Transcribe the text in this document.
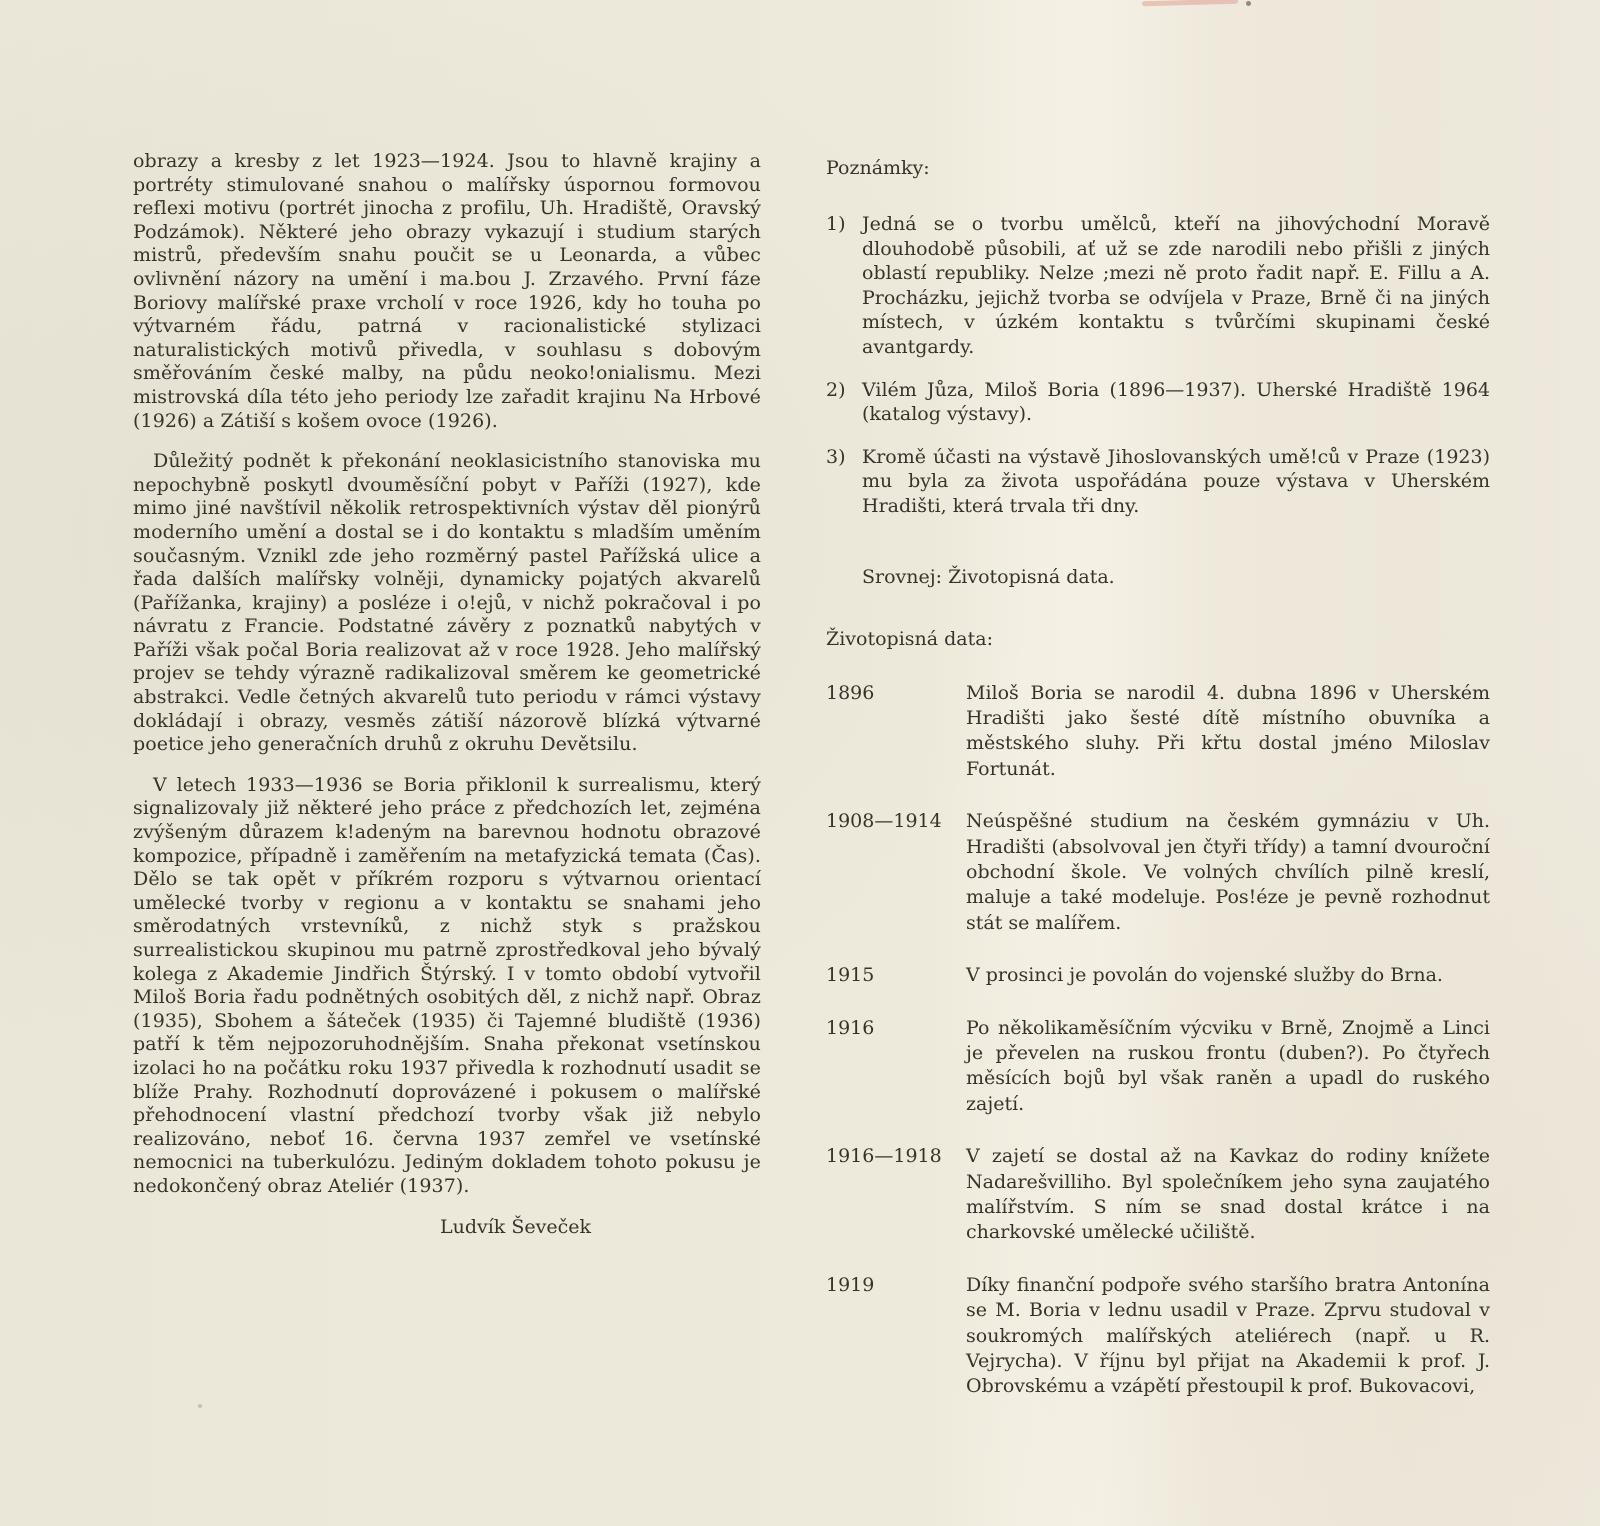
obrazy a kresby z let 1923—1924. Jsou to hlavně krajiny a portréty stimulované snahou o malířsky úspornou formovou reflexi motivu (portrét jinocha z profilu, Uh. Hradiště, Oravský Podzámok). Některé jeho obrazy vykazují i studium starých mistrů, především snahu poučit se u Leonarda, a vůbec ovlivnění názory na umění i ma.bou J. Zrzavého. První fáze Boriovy malířské praxe vrcholí v roce 1926, kdy ho touha po výtvarném řádu, patrná v racionalistické stylizaci naturalistických motivů přivedla, v souhlasu s dobovým směřováním české malby, na půdu neoko!onialismu. Mezi mistrovská díla této jeho periody lze zařadit krajinu Na Hrbové (1926) a Zátiší s košem ovoce (1926).

Důležitý podnět k překonání neoklasicistního stanoviska mu nepochybně poskytl dvouměsíční pobyt v Paříži (1927), kde mimo jiné navštívil několik retrospektivních výstav děl pionýrů moderního umění a dostal se i do kontaktu s mladším uměním současným. Vznikl zde jeho rozměrný pastel Pařížská ulice a řada dalších malířsky volněji, dynamicky pojatých akvarelů (Pařížanka, krajiny) a posléze i o!ejů, v nichž pokračoval i po návratu z Francie. Podstatné závěry z poznatků nabytých v Paříži však počal Boria realizovat až v roce 1928. Jeho malířský projev se tehdy výrazně radikalizoval směrem ke geometrické abstrakci. Vedle četných akvarelů tuto periodu v rámci výstavy dokládají i obrazy, vesměs zátiší názorově blízká výtvarné poetice jeho generačních druhů z okruhu Devětsilu.

V letech 1933—1936 se Boria přiklonil k surrealismu, který signalizovaly již některé jeho práce z předchozích let, zejména zvýšeným důrazem k!adeným na barevnou hodnotu obrazové kompozice, případně i zaměřením na metafyzická temata (Čas). Dělo se tak opět v příkrém rozporu s výtvarnou orientací umělecké tvorby v regionu a v kontaktu se snahami jeho směrodatných vrstevníků, z nichž styk s pražskou surrealistickou skupinou mu patrně zprostředkoval jeho bývalý kolega z Akademie Jindřich Štýrský. I v tomto období vytvořil Miloš Boria řadu podnětných osobitých děl, z nichž např. Obraz (1935), Sbohem a šáteček (1935) či Tajemné bludiště (1936) patří k těm nejpozoruhodnějším. Snaha překonat vsetínskou izolaci ho na počátku roku 1937 přivedla k rozhodnutí usadit se blíže Prahy. Rozhodnutí doprovázené i pokusem o malířské přehodnocení vlastní předchozí tvorby však již nebylo realizováno, neboť 16. června 1937 zemřel ve vsetínské nemocnici na tuberkulózu. Jediným dokladem tohoto pokusu je nedokončený obraz Ateliér (1937).

Ludvík Ševeček
Poznámky:
1) Jedná se o tvorbu umělců, kteří na jihovýchodní Moravě dlouhodobě působili, ať už se zde narodili nebo přišli z jiných oblastí republiky. Nelze ;mezi ně proto řadit např. E. Fillu a A. Procházku, jejichž tvorba se odvíjela v Praze, Brně či na jiných místech, v úzkém kontaktu s tvůrčími skupinami české avantgardy.
2) Vilém Jůza, Miloš Boria (1896—1937). Uherské Hradiště 1964 (katalog výstavy).
3) Kromě účasti na výstavě Jihoslovanských umě!ců v Praze (1923) mu byla za života uspořádána pouze výstava v Uherském Hradišti, která trvala tři dny.
Srovnej: Životopisná data.
Životopisná data:
1896	Miloš Boria se narodil 4. dubna 1896 v Uherském Hradišti jako šesté dítě místního obuvníka a městského sluhy. Při křtu dostal jméno Miloslav Fortunát.
1908—1914	Neúspěšné studium na českém gymnáziu v Uh. Hradišti (absolvoval jen čtyři třídy) a tamní dvouroční obchodní škole. Ve volných chvílích pilně kreslí, maluje a také modeluje. Pos!éze je pevně rozhodnut stát se malířem.
1915	V prosinci je povolán do vojenské služby do Brna.
1916	Po několikaměsíčním výcviku v Brně, Znojmě a Linci je převelen na ruskou frontu (duben?). Po čtyřech měsících bojů byl však raněn a upadl do ruského zajetí.
1916—1918	V zajetí se dostal až na Kavkaz do rodiny knížete Nadarešvilliho. Byl společníkem jeho syna zaujatého malířstvím. S ním se snad dostal krátce i na charkovské umělecké učiliště.
1919	Díky finanční podpoře svého staršího bratra Antonína se M. Boria v lednu usadil v Praze. Zprvu studoval v soukromých malířských ateliérech (např. u R. Vejrycha). V říjnu byl přijat na Akademii k prof. J. Obrovskému a vzápětí přestoupil k prof. Bukovacovi,
